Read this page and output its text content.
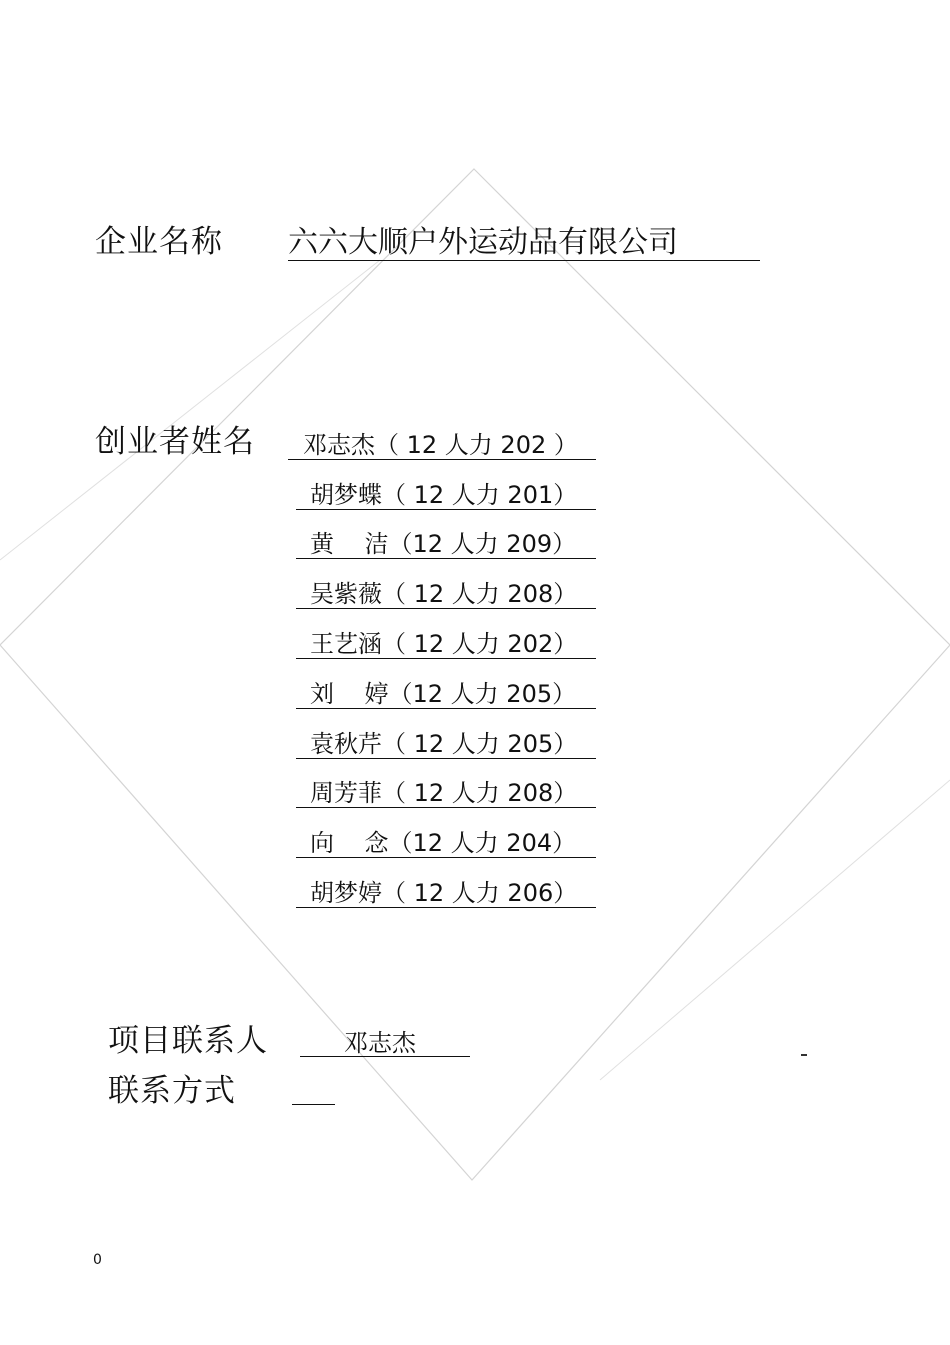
企业名称 六六大顺户外运动品有限公司
创业者姓名 邓志杰（ 12 人力 202 ）
胡梦蝶（ 12 人力 201）
黄    洁（12 人力 209）
吴紫薇（ 12 人力 208）
王艺涵（ 12 人力 202）
刘    婷（12 人力 205）
袁秋芹（ 12 人力 205）
周芳菲（ 12 人力 208）
向    念（12 人力 204）
胡梦婷（ 12 人力 206）
项目联系人	邓志杰
联系方式
0
